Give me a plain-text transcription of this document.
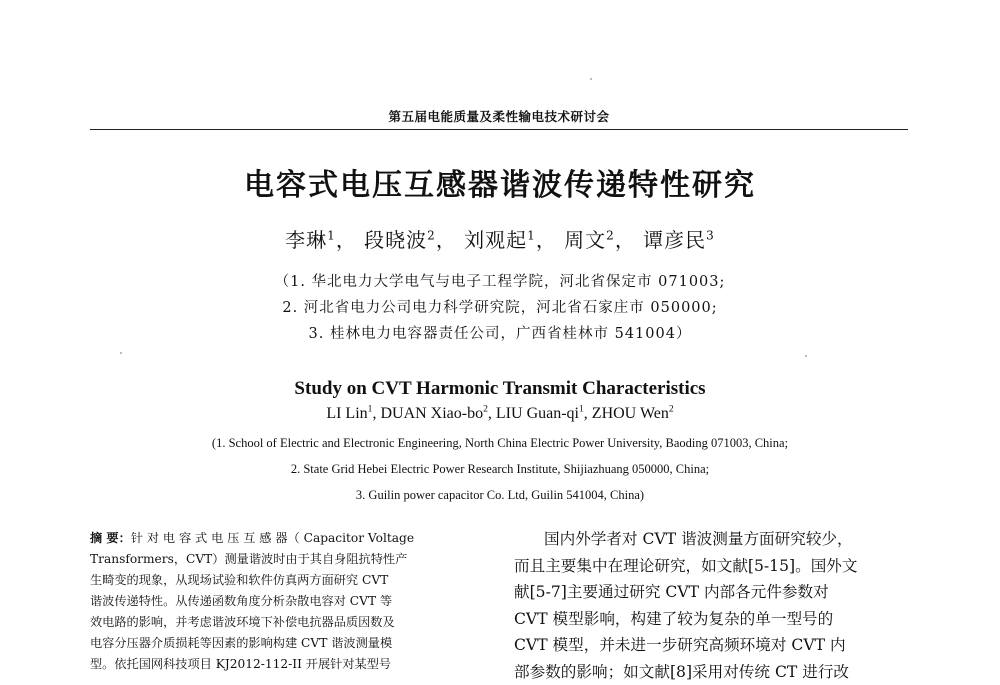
第五届电能质量及柔性输电技术研讨会
电容式电压互感器谐波传递特性研究
李琳$^1$， 段晓波$^2$， 刘观起$^1$， 周文$^2$， 谭彦民$^3$
（1. 华北电力大学电气与电子工程学院，河北省保定市 071003;
2. 河北省电力公司电力科学研究院，河北省石家庄市 050000;
3. 桂林电力电容器责任公司，广西省桂林市 541004）
Study on CVT Harmonic Transmit Characteristics
LI Lin$^1$, DUAN Xiao-$bo^2$, LIU Guan-$qi^1$, ZHOU Wen$^2$
(1. School of Electric and Electronic Engineering, North China Electric Power University, Baoding 071003, China;
2. State Grid Hebei Electric Power Research Institute, Shijiazhuang 050000, China;
3. Guilin power capacitor Co. Ltd, Guilin 541004, China)
摘 要：针 对 电 容 式 电 压 互 感 器（ Capacitor Voltage
Transformers，CVT）测量谐波时由于其自身阻抗特性产
生畸变的现象，从现场试验和软件仿真两方面研究 CVT
谐波传递特性。从传递函数角度分析杂散电容对 CVT 等
效电路的影响，并考虑谐波环境下补偿电抗器品质因数及
电容分压器介质损耗等因素的影响构建 CVT 谐波测量模
型。依托国网科技项目 KJ2012-112-II 开展针对某型号
国内外学者对 CVT 谐波测量方面研究较少，
而且主要集中在理论研究，如文献[5-15]。国外文
献[5-7]主要通过研究 CVT 内部各元件参数对
CVT 模型影响，构建了较为复杂的单一型号的
CVT 模型，并未进一步研究高频环境对 CVT 内
部参数的影响；如文献[8]采用对传统 CT 进行改
